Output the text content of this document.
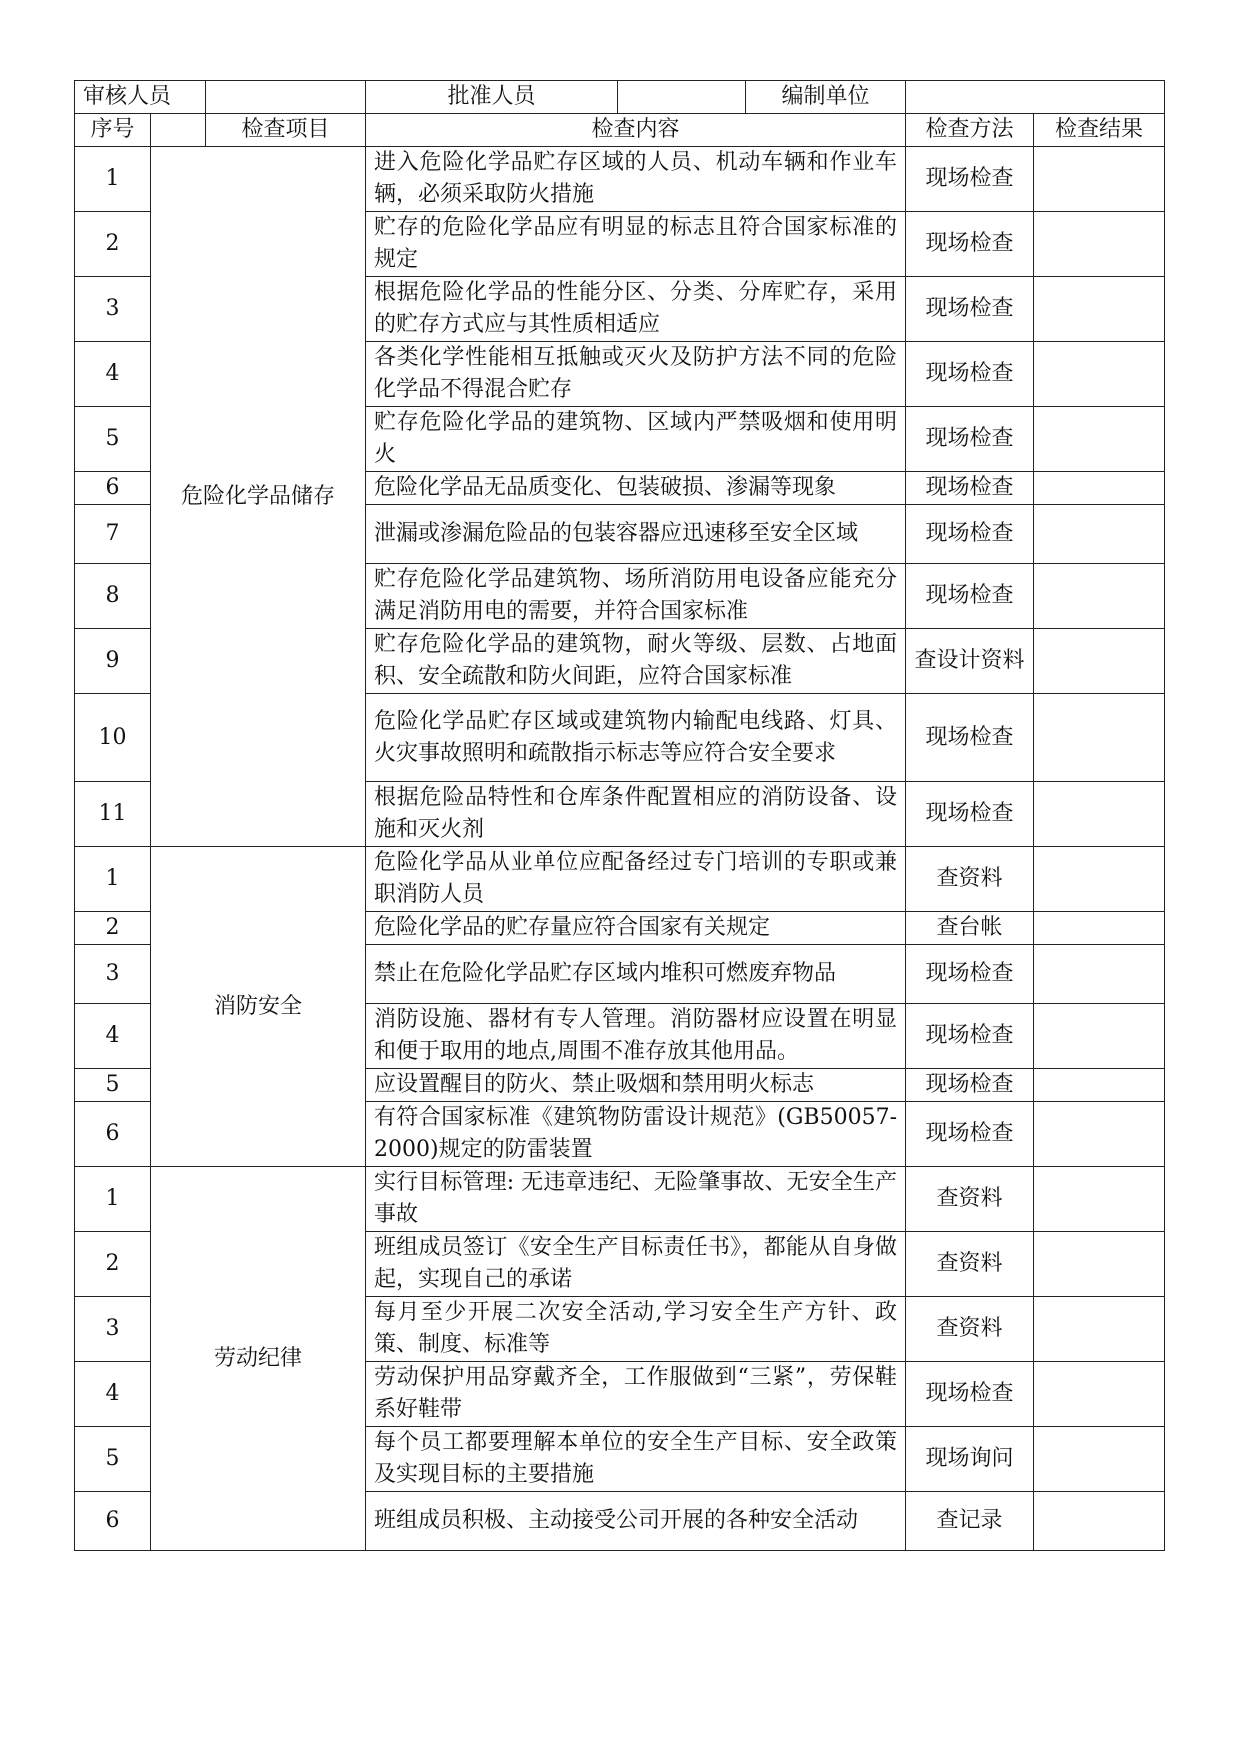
审核人员			批准人员		编制单位		
序号		检查项目	检查内容			检查方法	检查结果
1	危险化学品储存		进入危险化学品贮存区域的人员、机动车辆和作业车辆，必须采取防火措施			现场检查	
2			贮存的危险化学品应有明显的标志且符合国家标准的规定			现场检查	
3			根据危险化学品的性能分区、分类、分库贮存，采用的贮存方式应与其性质相适应			现场检查	
4			各类化学性能相互抵触或灭火及防护方法不同的危险化学品不得混合贮存			现场检查	
5			贮存危险化学品的建筑物、区域内严禁吸烟和使用明火			现场检查	
6			危险化学品无品质变化、包装破损、渗漏等现象			现场检查	
7			泄漏或渗漏危险品的包装容器应迅速移至安全区域			现场检查	
8			贮存危险化学品建筑物、场所消防用电设备应能充分满足消防用电的需要，并符合国家标准			现场检查	
9			贮存危险化学品的建筑物，耐火等级、层数、占地面积、安全疏散和防火间距，应符合国家标准			查设计资料	
10			危险化学品贮存区域或建筑物内输配电线路、灯具、火灾事故照明和疏散指示标志等应符合安全要求			现场检查	
11			根据危险品特性和仓库条件配置相应的消防设备、设施和灭火剂			现场检查	
1	消防安全		危险化学品从业单位应配备经过专门培训的专职或兼职消防人员			查资料	
2			危险化学品的贮存量应符合国家有关规定			查台帐	
3			禁止在危险化学品贮存区域内堆积可燃废弃物品			现场检查	
4			消防设施、器材有专人管理。消防器材应设置在明显和便于取用的地点,周围不准存放其他用品。			现场检查	
5			应设置醒目的防火、禁止吸烟和禁用明火标志			现场检查	
6			有符合国家标准《建筑物防雷设计规范》(GB50057-2000)规定的防雷装置			现场检查	
1	劳动纪律		实行目标管理: 无违章违纪、无险肇事故、无安全生产事故			查资料	
2			班组成员签订《安全生产目标责任书》，都能从自身做起，实现自己的承诺			查资料	
3			每月至少开展二次安全活动,学习安全生产方针、政策、制度、标准等			查资料	
4			劳动保护用品穿戴齐全，工作服做到“三紧”，劳保鞋系好鞋带			现场检查	
5			每个员工都要理解本单位的安全生产目标、安全政策及实现目标的主要措施			现场询问	
6			班组成员积极、主动接受公司开展的各种安全活动			查记录	
